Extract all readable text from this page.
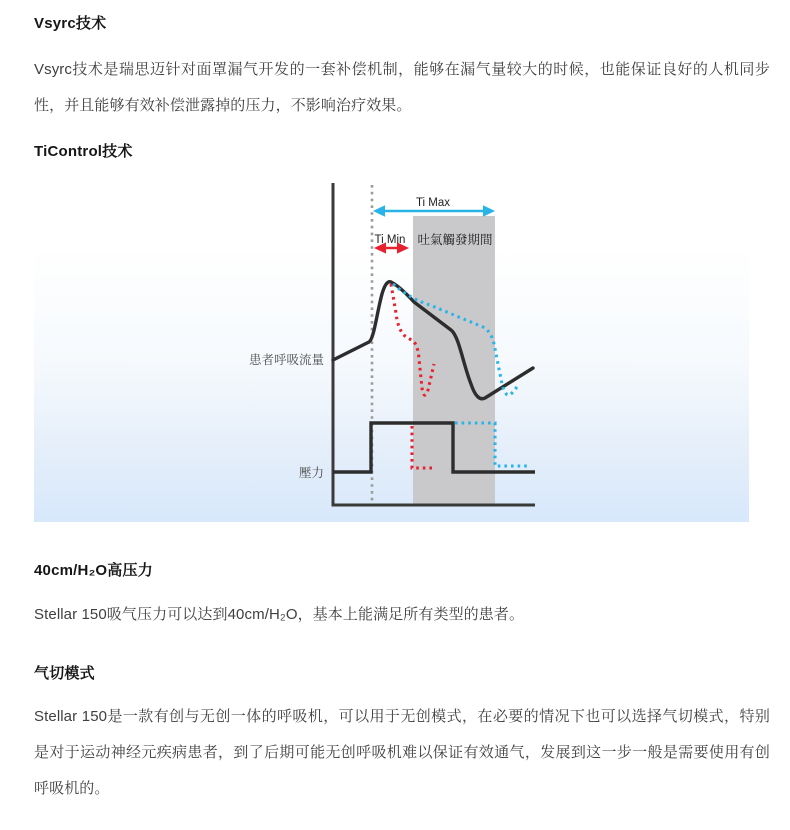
Vsyrc技术

Vsyrc技术是瑞思迈针对面罩漏气开发的一套补偿机制，能够在漏气量较大的时候，也能保证良好的人机同步性，并且能够有效补偿泄露掉的压力，不影响治疗效果。

TiControl技术
Ti Max
Ti Min 吐氣觸發期間
患者呼吸流量
壓力
40cm/H₂O高压力

Stellar 150吸气压力可以达到40cm/H₂O，基本上能满足所有类型的患者。

气切模式

Stellar 150是一款有创与无创一体的呼吸机，可以用于无创模式，在必要的情况下也可以选择气切模式，特别是对于运动神经元疾病患者，到了后期可能无创呼吸机难以保证有效通气，发展到这一步一般是需要使用有创呼吸机的。
